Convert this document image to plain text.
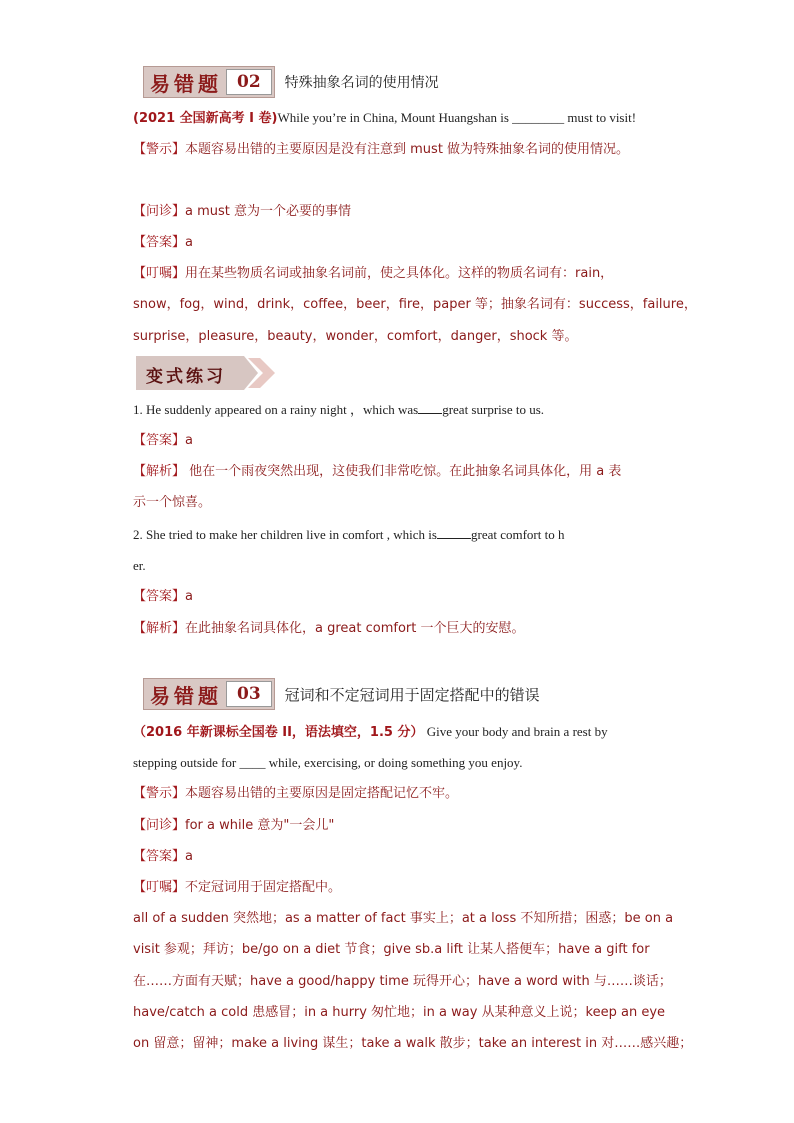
易错题 02	特殊抽象名词的使用情况
(2021 全国新高考 I 卷)While you’re in China, Mount Huangshan is ________ must to visit!
【警示】本题容易出错的主要原因是没有注意到 must 做为特殊抽象名词的使用情况。
【问诊】a must 意为一个必要的事情
【答案】a
【叮嘱】用在某些物质名词或抽象名词前，使之具体化。这样的物质名词有：rain，
snow，fog，wind，drink，coffee，beer，fire，paper 等；抽象名词有：success，failure，
surprise，pleasure，beauty，wonder，comfort，danger，shock 等。
变式练习
1. He suddenly appeared on a rainy night ，which was great surprise to us.
【答案】a
【解析】 他在一个雨夜突然出现，这使我们非常吃惊。在此抽象名词具体化，用 a 表
示一个惊喜。
2. She tried to make her children live in comfort , which is	great comfort to h
er.
【答案】a
【解析】在此抽象名词具体化，a great comfort 一个巨大的安慰。
易错题 03	冠词和不定冠词用于固定搭配中的错误
（2016 年新课标全国卷 II，语法填空，1.5 分） Give your body and brain a rest by
stepping outside for ____ while, exercising, or doing something you enjoy.
【警示】本题容易出错的主要原因是固定搭配记忆不牢。
【问诊】for a while 意为"一会儿"
【答案】a
【叮嘱】不定冠词用于固定搭配中。
all of a sudden 突然地；as a matter of fact 事实上；at a loss 不知所措；困惑；be on a
visit 参观；拜访；be/go on a diet 节食；give sb.a lift 让某人搭便车；have a gift for
在……方面有天赋；have a good/happy time 玩得开心；have a word with 与……谈话；
have/catch a cold 患感冒；in a hurry 匆忙地；in a way 从某种意义上说；keep an eye
on 留意；留神；make a living 谋生；take a walk 散步；take an interest in 对……感兴趣；
